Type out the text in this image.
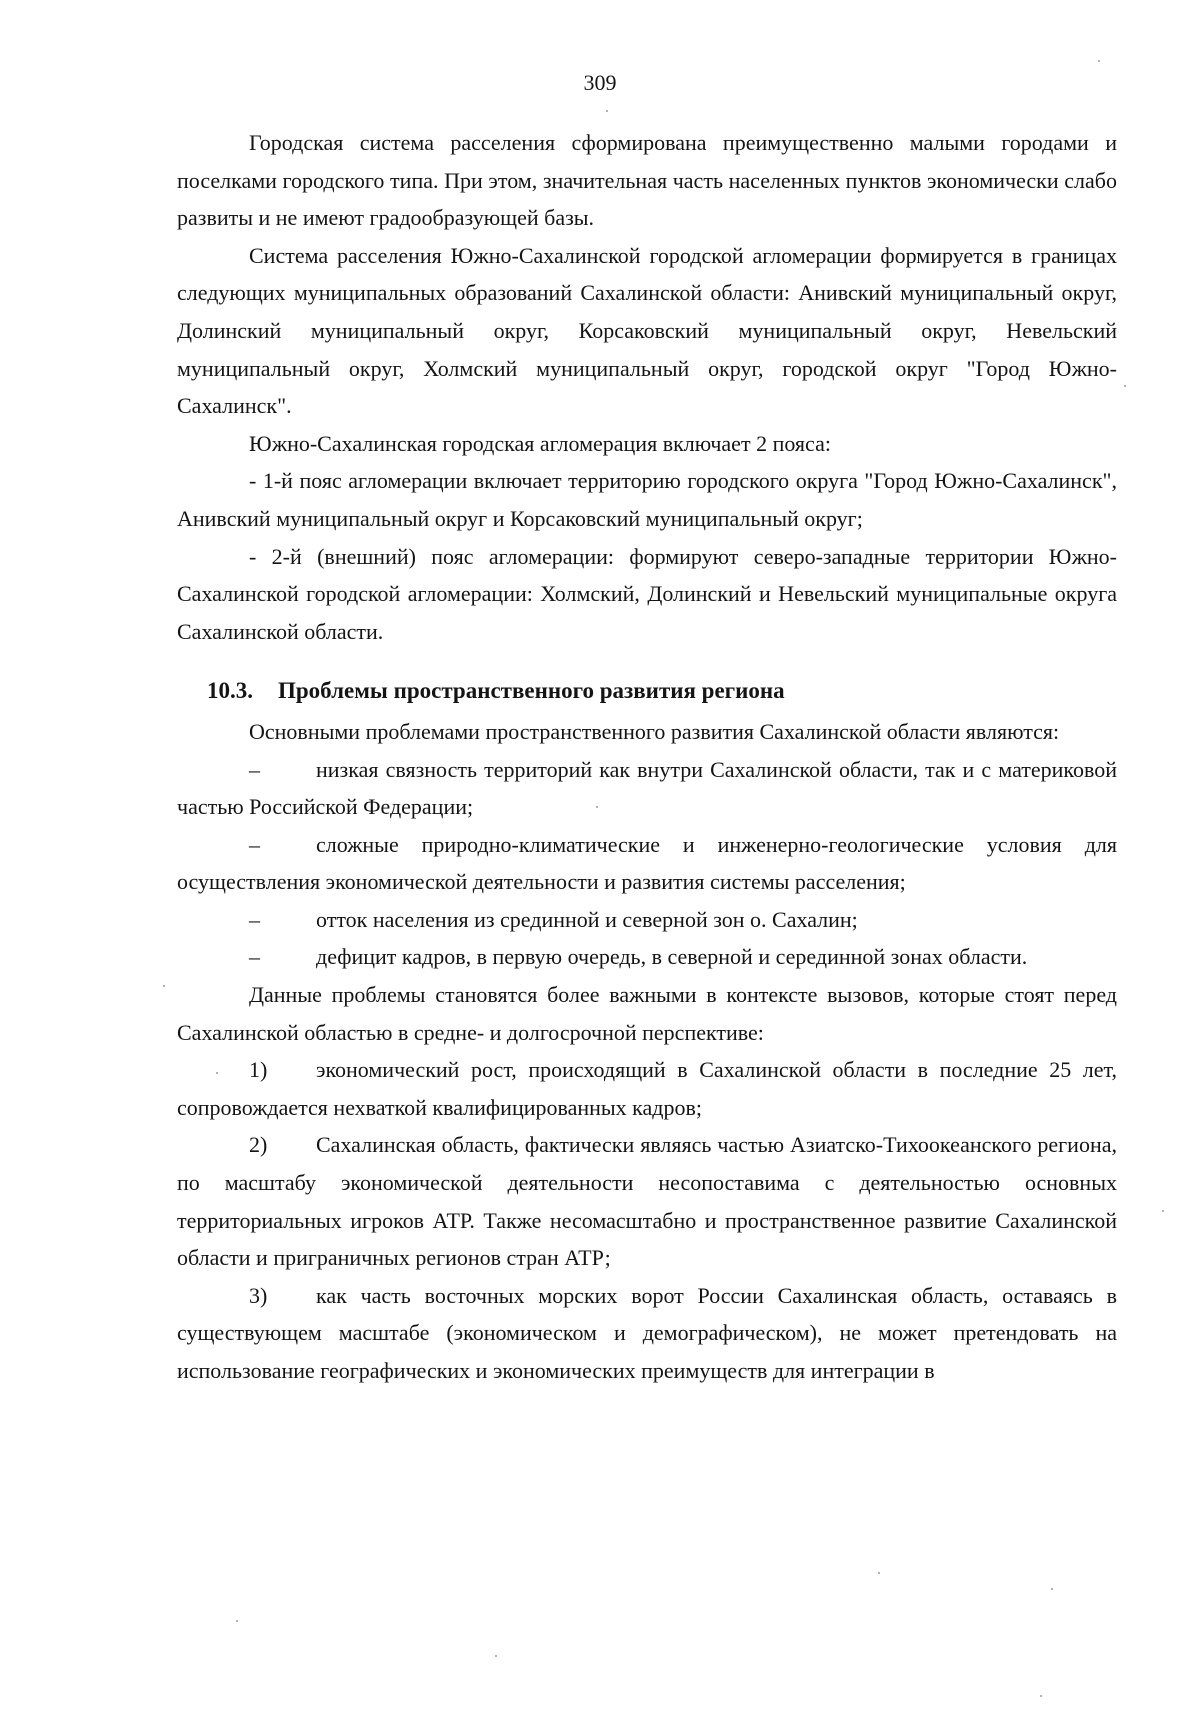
309

Городская система расселения сформирована преимущественно малыми городами и поселками городского типа. При этом, значительная часть населенных пунктов экономически слабо развиты и не имеют градообразующей базы.

Система расселения Южно-Сахалинской городской агломерации формируется в границах следующих муниципальных образований Сахалинской области: Анивский муниципальный округ, Долинский муниципальный округ, Корсаковский муниципальный округ, Невельский муниципальный округ, Холмский муниципальный округ, городской округ "Город Южно-Сахалинск".

Южно-Сахалинская городская агломерация включает 2 пояса:

- 1-й пояс агломерации включает территорию городского округа "Город Южно-Сахалинск", Анивский муниципальный округ и Корсаковский муниципальный округ;

- 2-й (внешний) пояс агломерации: формируют северо-западные территории Южно-Сахалинской городской агломерации: Холмский, Долинский и Невельский муниципальные округа Сахалинской области.

10.3. Проблемы пространственного развития региона

Основными проблемами пространственного развития Сахалинской области являются:

–	низкая связность территорий как внутри Сахалинской области, так и с материковой частью Российской Федерации;

–	сложные природно-климатические и инженерно-геологические условия для осуществления экономической деятельности и развития системы расселения;

–	отток населения из срединной и северной зон о. Сахалин;

–	дефицит кадров, в первую очередь, в северной и серединной зонах области.

Данные проблемы становятся более важными в контексте вызовов, которые стоят перед Сахалинской областью в средне- и долгосрочной перспективе:

1) экономический рост, происходящий в Сахалинской области в последние 25 лет, сопровождается нехваткой квалифицированных кадров;

2) Сахалинская область, фактически являясь частью Азиатско-Тихоокеанского региона, по масштабу экономической деятельности несопоставима с деятельностью основных территориальных игроков АТР. Также несомасштабно и пространственное развитие Сахалинской области и приграничных регионов стран АТР;

3) как часть восточных морских ворот России Сахалинская область, оставаясь в существующем масштабе (экономическом и демографическом), не может претендовать на использование географических и экономических преимуществ для интеграции в
